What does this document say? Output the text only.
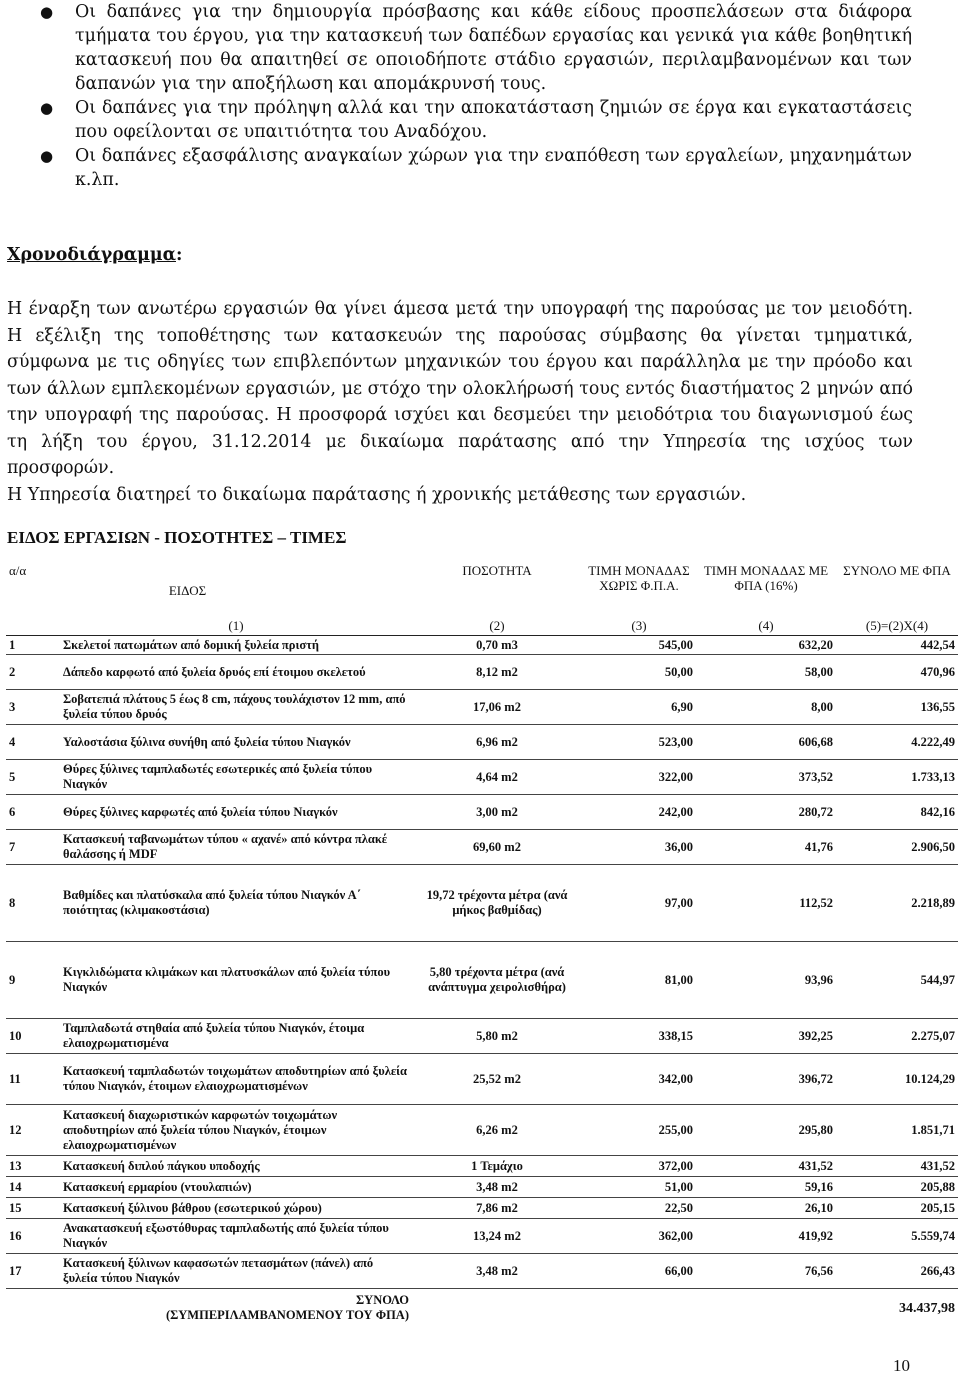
● Οι δαπάνες για την δημιουργία πρόσβασης και κάθε είδους προσπελάσεων στα διάφορα τμήματα του έργου, για την κατασκευή των δαπέδων εργασίας και γενικά για κάθε βοηθητική κατασκευή που θα απαιτηθεί σε οποιοδήποτε στάδιο εργασιών, περιλαμβανομένων και των δαπανών για την αποξήλωση και απομάκρυνσή τους.
● Οι δαπάνες για την πρόληψη αλλά και την αποκατάσταση ζημιών σε έργα και εγκαταστάσεις που οφείλονται σε υπαιτιότητα του Αναδόχου.
● Οι δαπάνες εξασφάλισης αναγκαίων χώρων για την εναπόθεση των εργαλείων, μηχανημάτων κ.λπ.
Χρονοδιάγραμμα:

Η έναρξη των ανωτέρω εργασιών θα γίνει άμεσα μετά την υπογραφή της παρούσας με τον μειοδότη. Η εξέλιξη της τοποθέτησης των κατασκευών της παρούσας σύμβασης θα γίνεται τμηματικά, σύμφωνα με τις οδηγίες των επιβλεπόντων μηχανικών του έργου και παράλληλα με την πρόοδο και των άλλων εμπλεκομένων εργασιών, με στόχο την ολοκλήρωσή τους εντός διαστήματος 2 μηνών από την υπογραφή της παρούσας. Η προσφορά ισχύει και δεσμεύει την μειοδότρια του διαγωνισμού έως τη λήξη του έργου, 31.12.2014 με δικαίωμα παράτασης από την Υπηρεσία της ισχύος των προσφορών.

Η Υπηρεσία διατηρεί το δικαίωμα παράτασης ή χρονικής μετάθεσης των εργασιών.

ΕΙΔΟΣ ΕΡΓΑΣΙΩΝ - ΠΟΣΟΤΗΤΕΣ – ΤΙΜΕΣ
α/α	ΕΙΔΟΣ	ΠΟΣΟΤΗΤΑ	ΤΙΜΗ ΜΟΝΑΔΑΣ ΧΩΡΙΣ Φ.Π.Α.	ΤΙΜΗ ΜΟΝΑΔΑΣ ΜΕ ΦΠΑ (16%)	ΣΥΝΟΛΟ ΜΕ ΦΠΑ
	(1)	(2)	(3)	(4)	(5)=(2)Χ(4)
1	Σκελετοί πατωμάτων από δομική ξυλεία πριστή	0,70 m3	545,00	632,20	442,54
2	Δάπεδο καρφωτό από ξυλεία δρυός επί έτοιμου σκελετού	8,12 m2	50,00	58,00	470,96
3	Σοβατεπιά πλάτους 5 έως 8 cm, πάχους τουλάχιστον 12 mm, από ξυλεία τύπου δρυός	17,06 m2	6,90	8,00	136,55
4	Υαλοστάσια ξύλινα συνήθη από ξυλεία τύπου Νιαγκόν	6,96 m2	523,00	606,68	4.222,49
5	Θύρες ξύλινες ταμπλαδωτές εσωτερικές από ξυλεία τύπου Νιαγκόν	4,64 m2	322,00	373,52	1.733,13
6	Θύρες ξύλινες καρφωτές από ξυλεία τύπου Νιαγκόν	3,00 m2	242,00	280,72	842,16
7	Κατασκευή ταβανωμάτων τύπου « αχανέ» από κόντρα πλακέ θαλάσσης ή MDF	69,60 m2	36,00	41,76	2.906,50
8	Βαθμίδες και πλατύσκαλα από ξυλεία τύπου Νιαγκόν Α΄ ποιότητας (κλιμακοστάσια)	19,72 τρέχοντα μέτρα (ανά μήκος βαθμίδας)	97,00	112,52	2.218,89
9	Κιγκλιδώματα κλιμάκων και πλατυσκάλων από ξυλεία τύπου Νιαγκόν	5,80 τρέχοντα μέτρα (ανά ανάπτυγμα χειρολισθήρα)	81,00	93,96	544,97
10	Ταμπλαδωτά στηθαία από ξυλεία τύπου Νιαγκόν, έτοιμα ελαιοχρωματισμένα	5,80 m2	338,15	392,25	2.275,07
11	Κατασκευή ταμπλαδωτών τοιχωμάτων αποδυτηρίων από ξυλεία τύπου Νιαγκόν, έτοιμων ελαιοχρωματισμένων	25,52 m2	342,00	396,72	10.124,29
12	Κατασκευή διαχωριστικών καρφωτών τοιχωμάτων αποδυτηρίων από ξυλεία τύπου Νιαγκόν, έτοιμων ελαιοχρωματισμένων	6,26 m2	255,00	295,80	1.851,71
13	Κατασκευή διπλού πάγκου υποδοχής	1 Τεμάχιο	372,00	431,52	431,52
14	Κατασκευή ερμαρίου (ντουλαπιών)	3,48 m2	51,00	59,16	205,88
15	Κατασκευή ξύλινου βάθρου (εσωτερικού χώρου)	7,86 m2	22,50	26,10	205,15
16	Ανακατασκευή εξωστόθυρας ταμπλαδωτής από ξυλεία τύπου Νιαγκόν	13,24 m2	362,00	419,92	5.559,74
17	Κατασκευή ξύλινων καφασωτών πετασμάτων (πάνελ) από ξυλεία τύπου Νιαγκόν	3,48 m2	66,00	76,56	266,43

	ΣΥΝΟΛΟ
(ΣΥΜΠΕΡΙΛΑΜΒΑΝΟΜΕΝΟΥ ΤΟΥ ΦΠΑ)				34.437,98
10
